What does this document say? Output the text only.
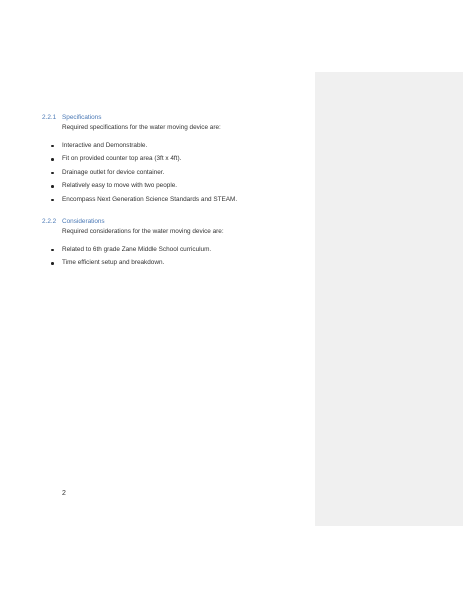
2.2.1 Specifications
Required specifications for the water moving device are:
Interactive and Demonstrable.
Fit on provided counter top area (3ft x 4ft).
Drainage outlet for device container.
Relatively easy to move with two people.
Encompass Next Generation Science Standards and STEAM.
2.2.2 Considerations
Required considerations for the water moving device are:
Related to 6th grade Zane Middle School curriculum.
Time efficient setup and breakdown.
2
